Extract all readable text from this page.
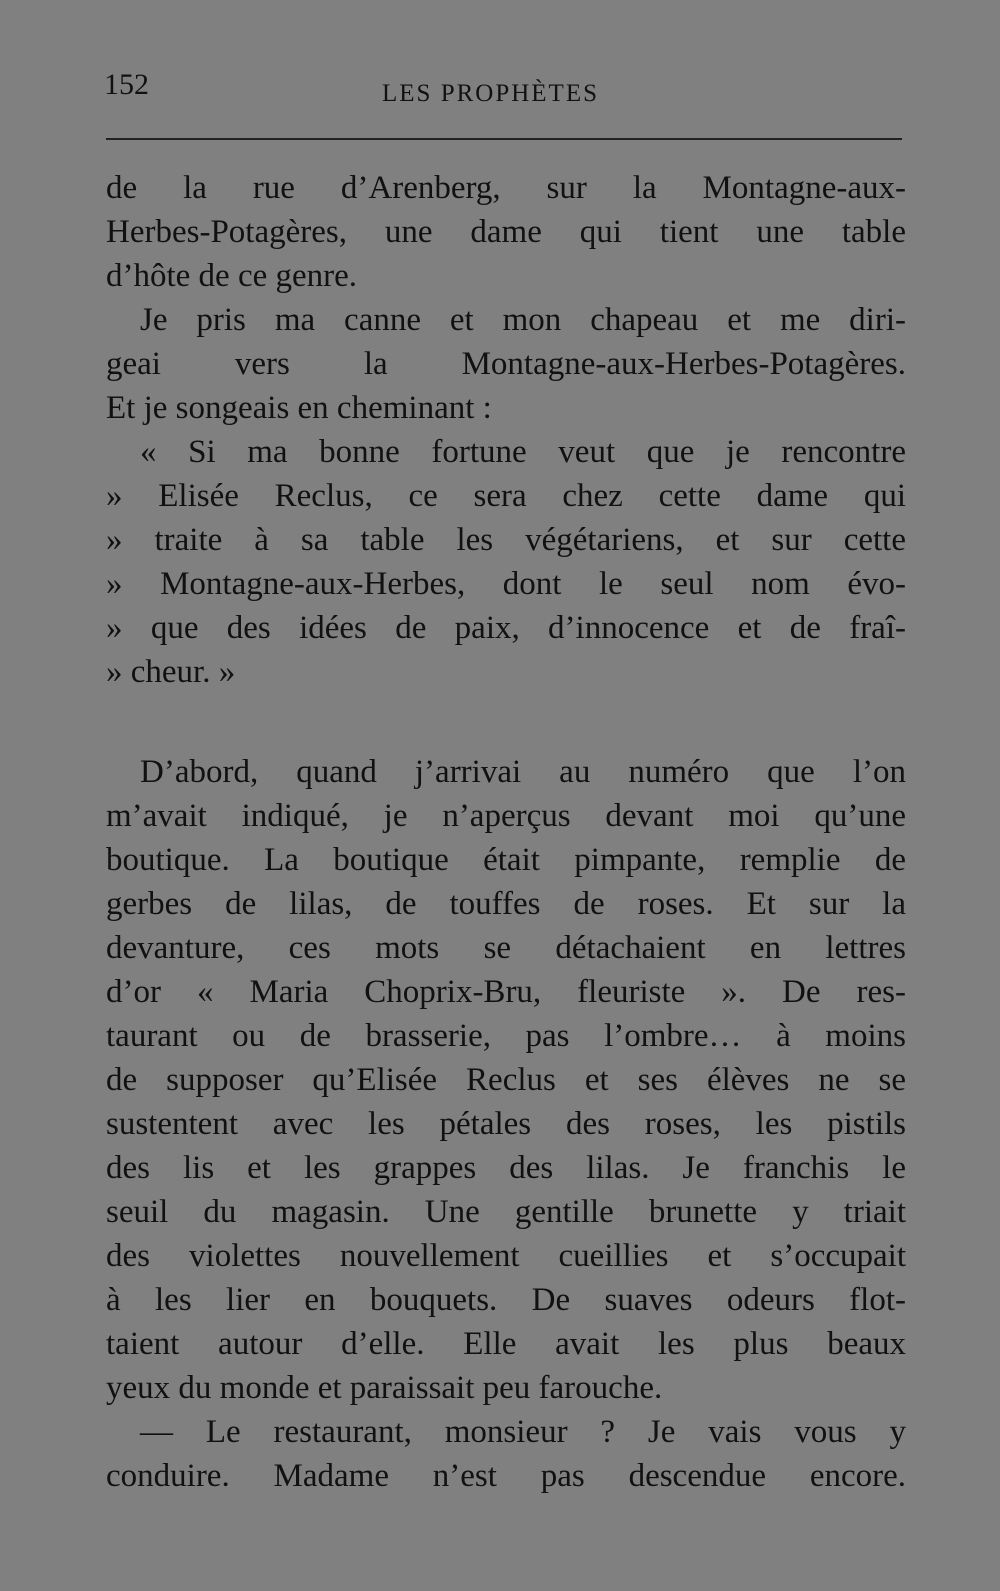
152	LES PROPHÈTES
de la rue d’Arenberg, sur la Montagne-aux-
Herbes-Potagères, une dame qui tient une table
d’hôte de ce genre.
Je pris ma canne et mon chapeau et me diri-
geai vers la Montagne-aux-Herbes-Potagères.
Et je songeais en cheminant :
« Si ma bonne fortune veut que je rencontre
» Elisée Reclus, ce sera chez cette dame qui
» traite à sa table les végétariens, et sur cette
» Montagne-aux-Herbes, dont le seul nom évo-
» que des idées de paix, d’innocence et de fraî-
» cheur. »
D’abord, quand j’arrivai au numéro que l’on
m’avait indiqué, je n’aperçus devant moi qu’une
boutique. La boutique était pimpante, remplie de
gerbes de lilas, de touffes de roses. Et sur la
devanture, ces mots se détachaient en lettres
d’or « Maria Choprix-Bru, fleuriste ». De res-
taurant ou de brasserie, pas l’ombre… à moins
de supposer qu’Elisée Reclus et ses élèves ne se
sustentent avec les pétales des roses, les pistils
des lis et les grappes des lilas. Je franchis le
seuil du magasin. Une gentille brunette y triait
des violettes nouvellement cueillies et s’occupait
à les lier en bouquets. De suaves odeurs flot-
taient autour d’elle. Elle avait les plus beaux
yeux du monde et paraissait peu farouche.
— Le restaurant, monsieur ? Je vais vous y
conduire. Madame n’est pas descendue encore.
